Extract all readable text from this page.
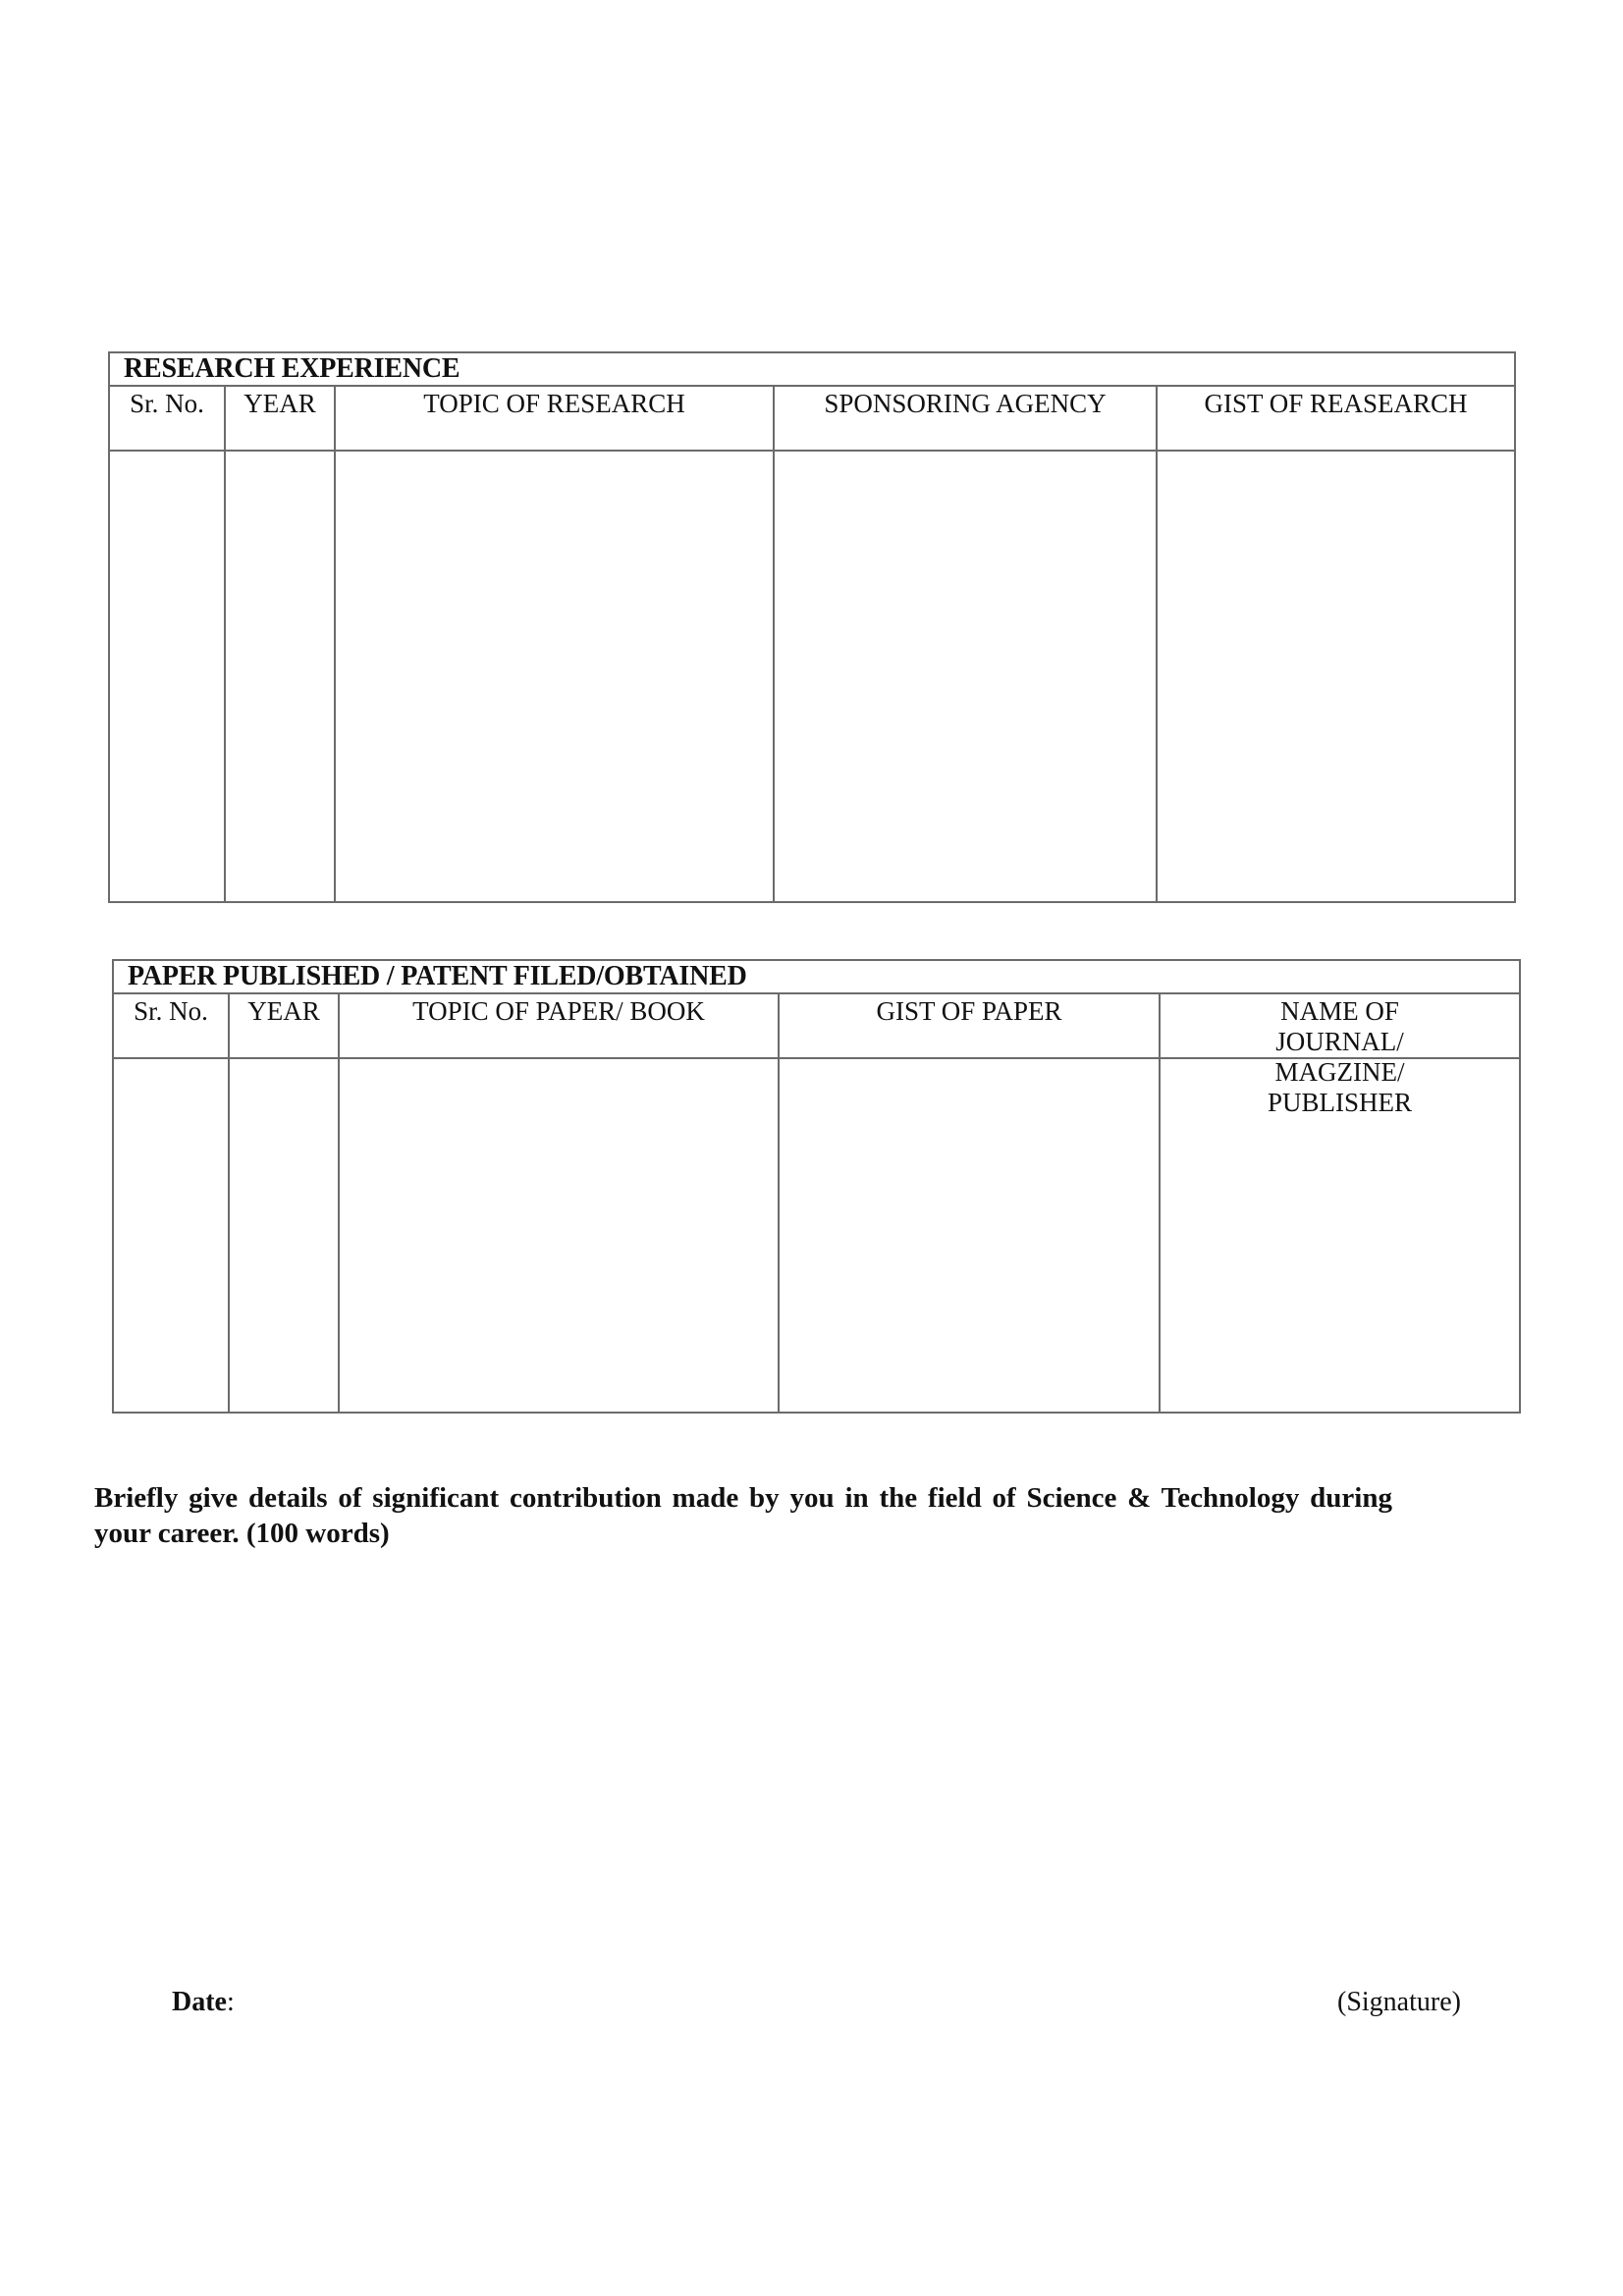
RESEARCH EXPERIENCE
Sr. No.	YEAR	TOPIC OF RESEARCH	SPONSORING AGENCY	GIST OF REASEARCH
PAPER PUBLISHED / PATENT FILED/OBTAINED
Sr. No.	YEAR	TOPIC OF PAPER/ BOOK	GIST OF PAPER	NAME OF JOURNAL/ MAGZINE/ PUBLISHER
Briefly give details of significant contribution made by you in the field of Science & Technology during your career. (100 words)
Date:	(Signature)
